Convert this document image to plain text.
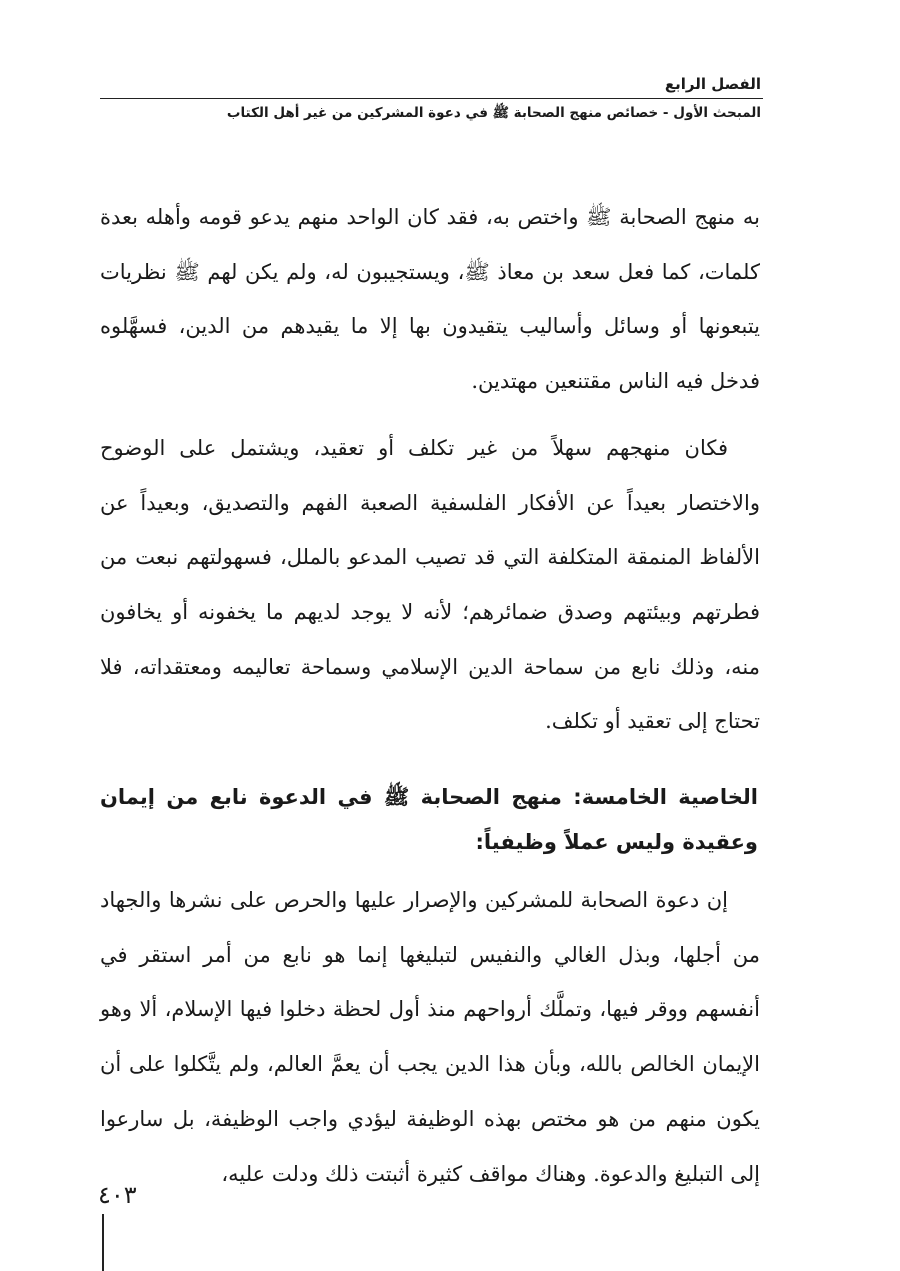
الفصل الرابع
المبحث الأول - خصائص منهج الصحابة ﷺ في دعوة المشركين من غير أهل الكتاب

به منهج الصحابة ﷺ واختص به، فقد كان الواحد منهم يدعو قومه وأهله بعدة كلمات، كما فعل سعد بن معاذ ﷺ، ويستجيبون له، ولم يكن لهم ﷺ نظريات يتبعونها أو وسائل وأساليب يتقيدون بها إلا ما يقيدهم من الدين، فسهَّلوه فدخل فيه الناس مقتنعين مهتدين.

فكان منهجهم سهلاً من غير تكلف أو تعقيد، ويشتمل على الوضوح والاختصار بعيداً عن الأفكار الفلسفية الصعبة الفهم والتصديق، وبعيداً عن الألفاظ المنمقة المتكلفة التي قد تصيب المدعو بالملل، فسهولتهم نبعت من فطرتهم وبيئتهم وصدق ضمائرهم؛ لأنه لا يوجد لديهم ما يخفونه أو يخافون منه، وذلك نابع من سماحة الدين الإسلامي وسماحة تعاليمه ومعتقداته، فلا تحتاج إلى تعقيد أو تكلف.

الخاصية الخامسة: منهج الصحابة ﷺ في الدعوة نابع من إيمان وعقيدة وليس عملاً وظيفياً:

إن دعوة الصحابة للمشركين والإصرار عليها والحرص على نشرها والجهاد من أجلها، وبذل الغالي والنفيس لتبليغها إنما هو نابع من أمر استقر في أنفسهم ووقر فيها، وتملَّك أرواحهم منذ أول لحظة دخلوا فيها الإسلام، ألا وهو الإيمان الخالص بالله، وبأن هذا الدين يجب أن يعمَّ العالم، ولم يتَّكلوا على أن يكون منهم من هو مختص بهذه الوظيفة ليؤدي واجب الوظيفة، بل سارعوا إلى التبليغ والدعوة. وهناك مواقف كثيرة أثبتت ذلك ودلت عليه،

٤٠٣
